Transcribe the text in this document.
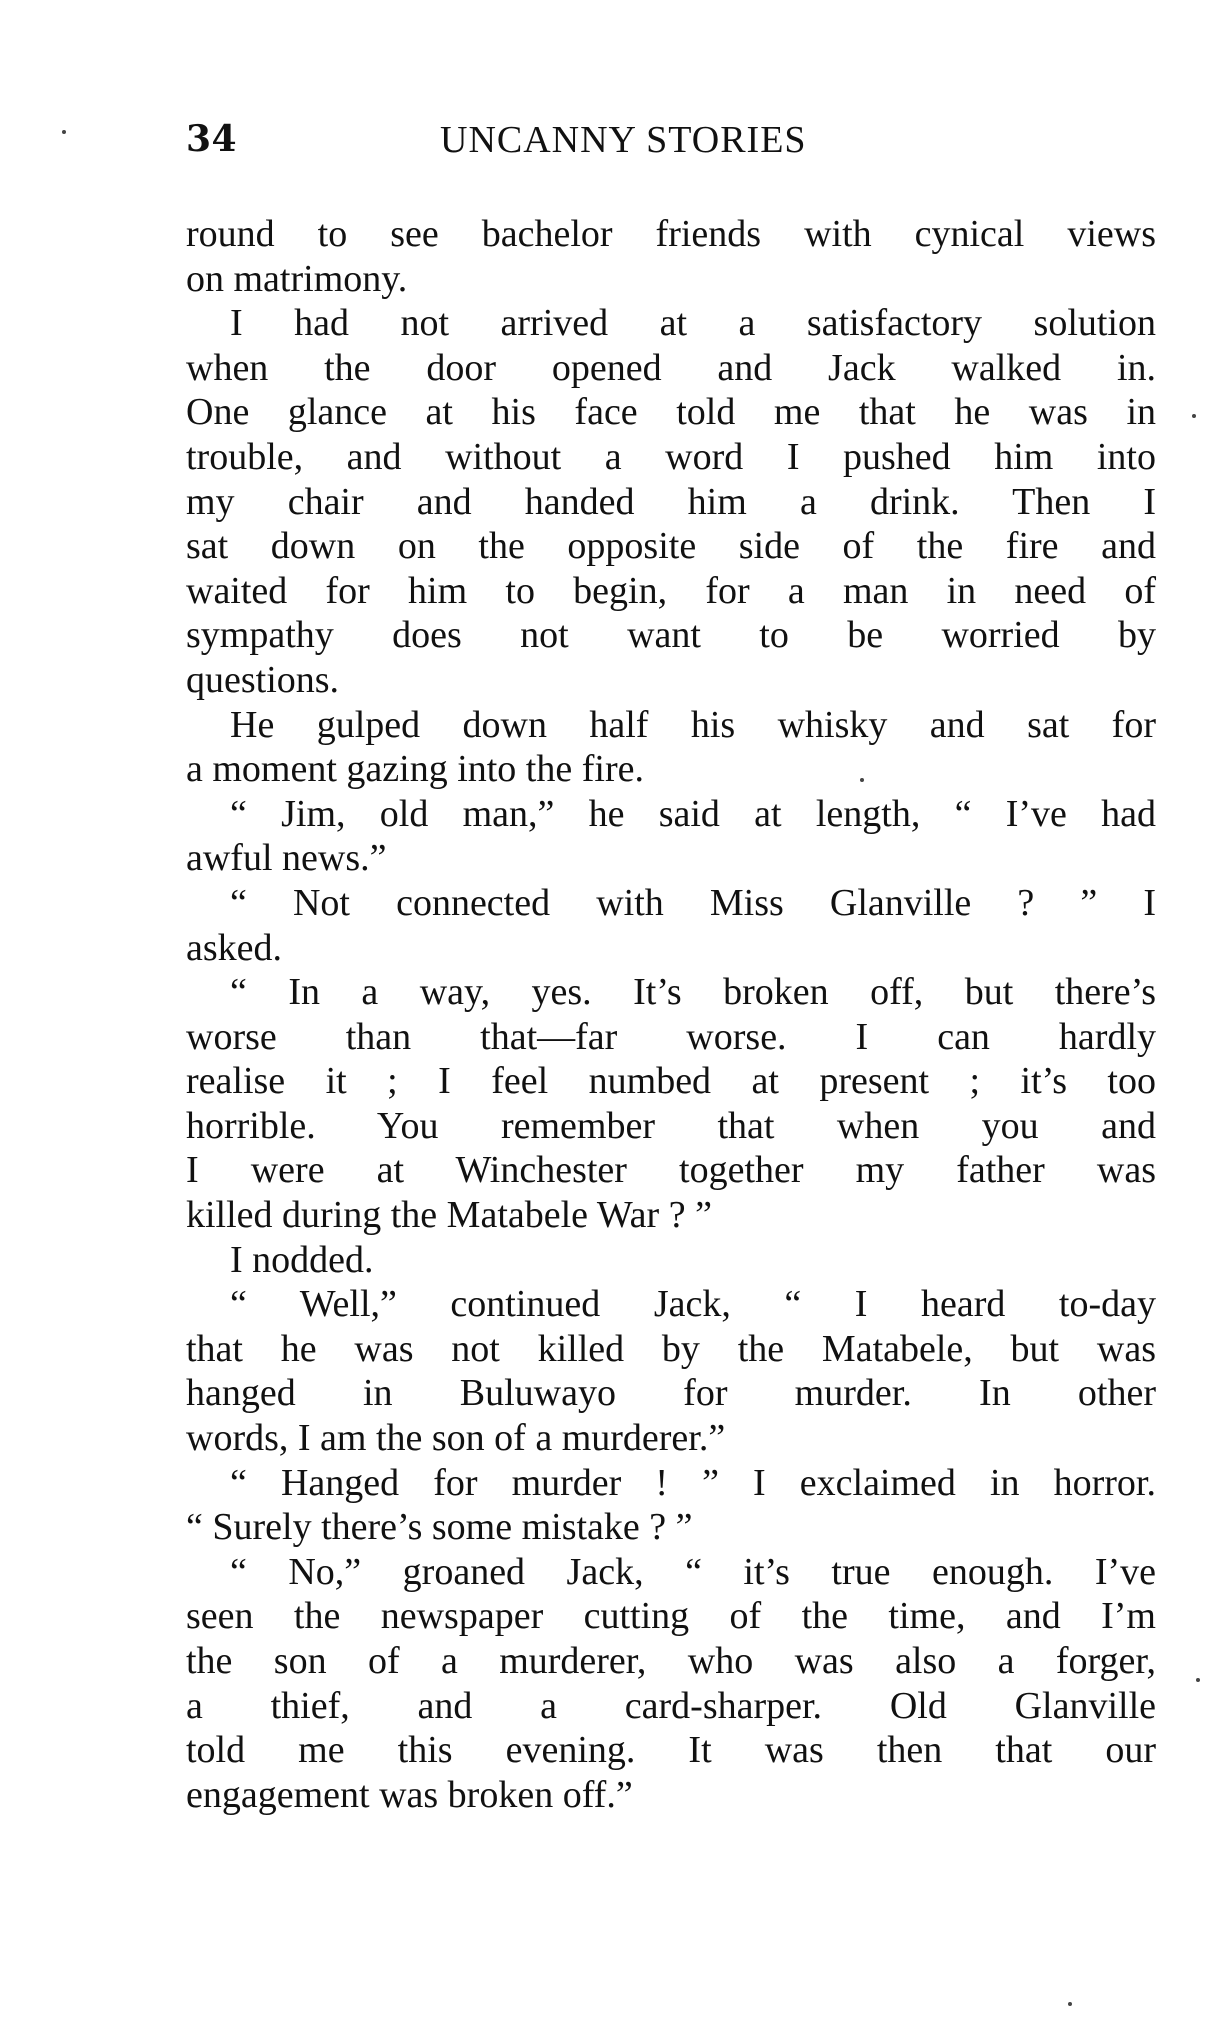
34	UNCANNY STORIES
round to see bachelor friends with cynical views
on matrimony.
I had not arrived at a satisfactory solution
when the door opened and Jack walked in.
One glance at his face told me that he was in
trouble, and without a word I pushed him into
my chair and handed him a drink. Then I
sat down on the opposite side of the fire and
waited for him to begin, for a man in need of
sympathy does not want to be worried by
questions.
He gulped down half his whisky and sat for
a moment gazing into the fire.
“ Jim, old man,” he said at length, “ I’ve had
awful news.”
“ Not connected with Miss Glanville ? ” I
asked.
“ In a way, yes. It’s broken off, but there’s
worse than that—far worse. I can hardly
realise it ; I feel numbed at present ; it’s too
horrible. You remember that when you and
I were at Winchester together my father was
killed during the Matabele War ? ”
I nodded.
“ Well,” continued Jack, “ I heard to-day
that he was not killed by the Matabele, but was
hanged in Buluwayo for murder. In other
words, I am the son of a murderer.”
“ Hanged for murder ! ” I exclaimed in horror.
“ Surely there’s some mistake ? ”
“ No,” groaned Jack, “ it’s true enough. I’ve
seen the newspaper cutting of the time, and I’m
the son of a murderer, who was also a forger,
a thief, and a card-sharper. Old Glanville
told me this evening. It was then that our
engagement was broken off.”
